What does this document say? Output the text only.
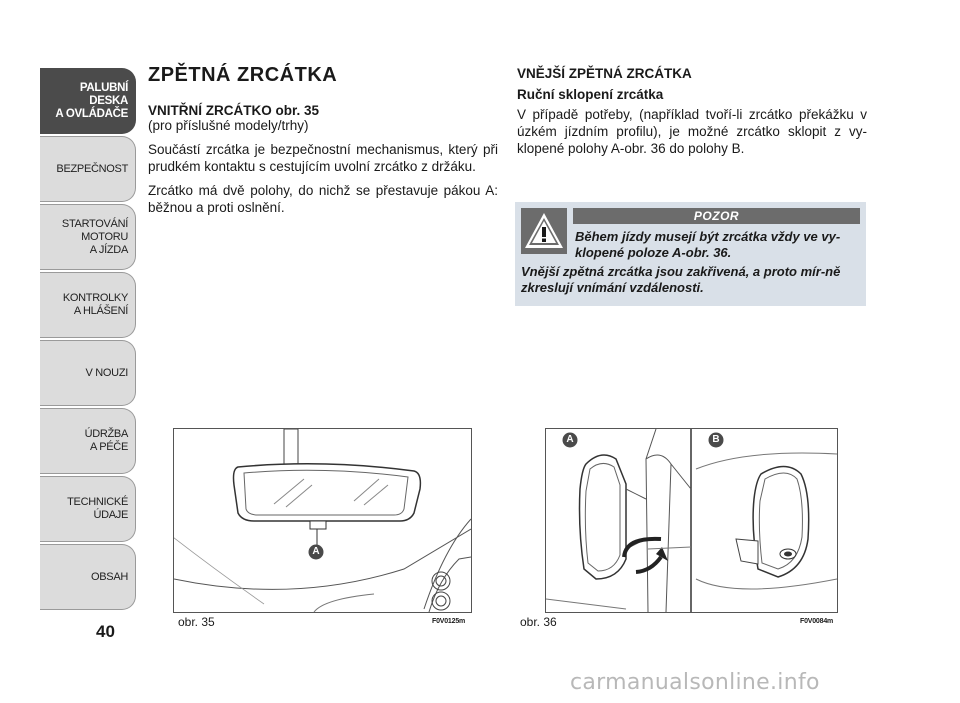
PALUBNÍ DESKA
A OVLÁDAČE
BEZPEČNOST
STARTOVÁNÍ
MOTORU
A JÍZDA
KONTROLKY
A HLÁŠENÍ
V NOUZI
ÚDRŽBA
A PÉČE
TECHNICKÉ
ÚDAJE
OBSAH
40
ZPĚTNÁ ZRCÁTKA
VNITŘNÍ ZRCÁTKO obr. 35
(pro příslušné modely/trhy)

Součástí zrcátka je bezpečnostní mechanismus, který při prudkém kontaktu s cestujícím uvolní zrcátko z držáku.

Zrcátko má dvě polohy, do nichž se přestavuje pákou A: běžnou a proti oslnění.

VNĚJŠÍ ZPĚTNÁ ZRCÁTKA
Ruční sklopení zrcátka

V případě potřeby, (například tvoří-li zrcátko překážku v úzkém jízdním profilu), je možné zrcátko sklopit z vy-klopené polohy A-obr. 36 do polohy B.

POZOR
Během jízdy musejí být zrcátka vždy ve vy-klopené poloze A-obr. 36.
Vnější zpětná zrcátka jsou zakřivená, a proto mír-ně zkreslují vnímání vzdálenosti.
A
obr. 35	F0V0125m
A	B
obr. 36	F0V0084m
carmanualsonline.info
